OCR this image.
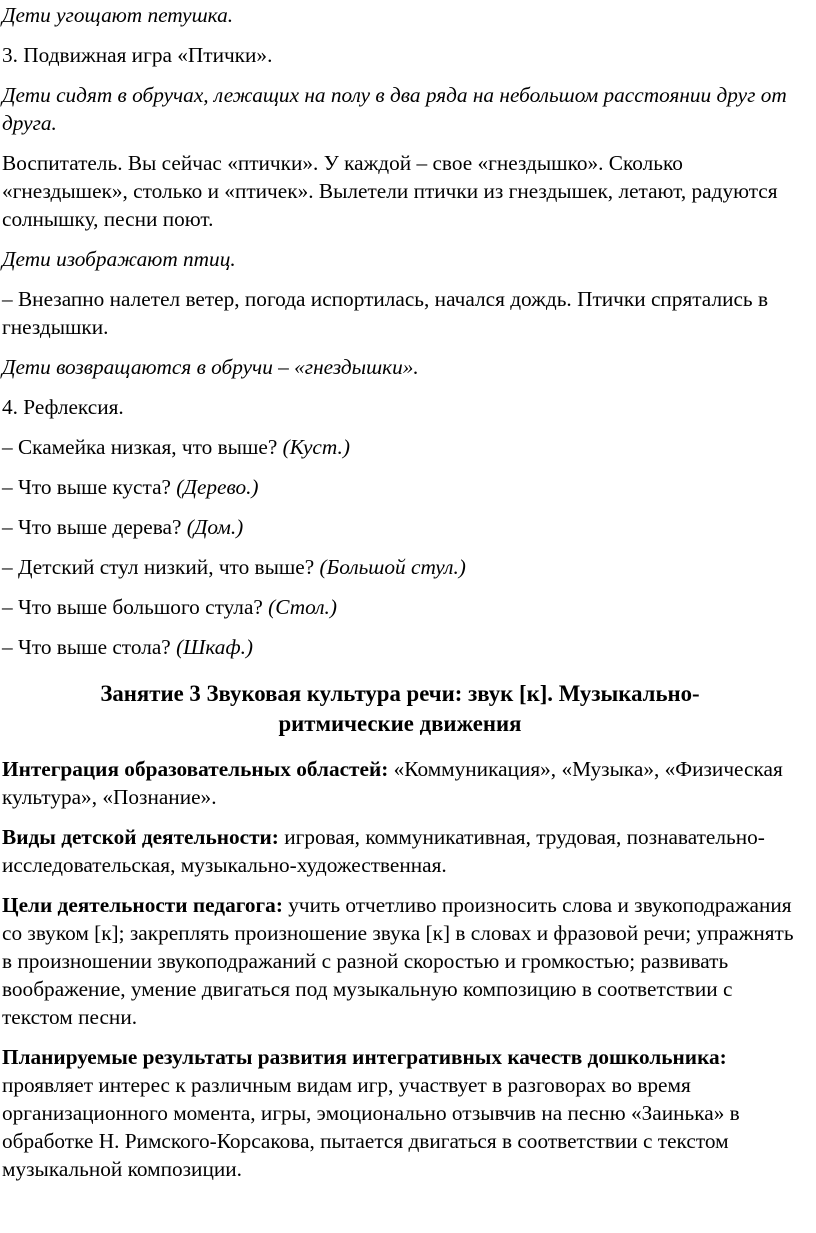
Дети угощают петушка.

3. Подвижная игра «Птички».

Дети сидят в обручах, лежащих на полу в два ряда на небольшом расстоянии друг от друга.

Воспитатель. Вы сейчас «птички». У каждой – свое «гнездышко». Сколько «гнездышек», столько и «птичек». Вылетели птички из гнездышек, летают, радуются солнышку, песни поют.

Дети изображают птиц.

– Внезапно налетел ветер, погода испортилась, начался дождь. Птички спрятались в гнездышки.

Дети возвращаются в обручи – «гнездышки».

4. Рефлексия.

– Скамейка низкая, что выше? (Куст.)

– Что выше куста? (Дерево.)

– Что выше дерева? (Дом.)

– Детский стул низкий, что выше? (Большой стул.)

– Что выше большого стула? (Стол.)

– Что выше стола? (Шкаф.)

Занятие 3 Звуковая культура речи: звук [к]. Музыкально-
ритмические движения

Интеграция образовательных областей: «Коммуникация», «Музыка», «Физическая культура», «Познание».

Виды детской деятельности: игровая, коммуникативная, трудовая, познавательно-исследовательская, музыкально-художественная.

Цели деятельности педагога: учить отчетливо произносить слова и звукоподражания со звуком [к]; закреплять произношение звука [к] в словах и фразовой речи; упражнять в произношении звукоподражаний с разной скоростью и громкостью; развивать воображение, умение двигаться под музыкальную композицию в соответствии с текстом песни.

Планируемые результаты развития интегративных качеств дошкольника: проявляет интерес к различным видам игр, участвует в разговорах во время организационного момента, игры, эмоционально отзывчив на песню «Заинька» в обработке Н. Римского-Корсакова, пытается двигаться в соответствии с текстом музыкальной композиции.
